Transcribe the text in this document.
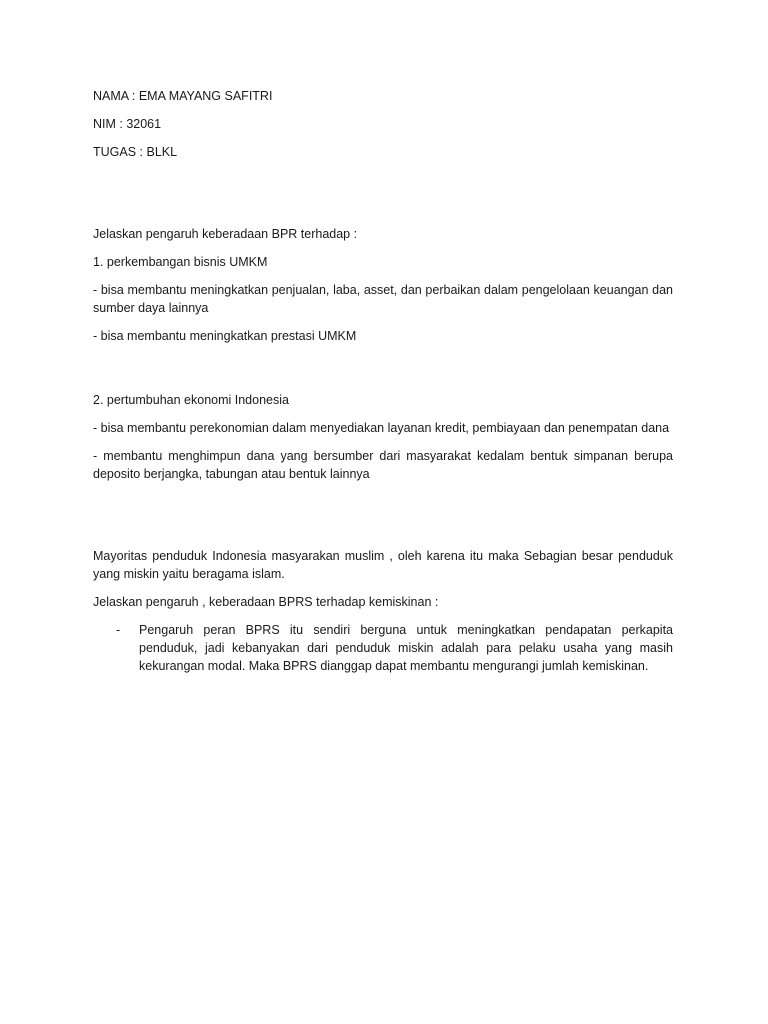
NAMA : EMA MAYANG SAFITRI

NIM : 32061

TUGAS : BLKL

Jelaskan pengaruh keberadaan BPR terhadap :

1. perkembangan bisnis UMKM

- bisa membantu meningkatkan penjualan, laba, asset, dan perbaikan dalam pengelolaan keuangan dan sumber daya lainnya

- bisa membantu meningkatkan prestasi UMKM

2. pertumbuhan ekonomi Indonesia

- bisa membantu perekonomian dalam menyediakan layanan kredit, pembiayaan dan penempatan dana

- membantu menghimpun dana yang bersumber dari masyarakat kedalam bentuk simpanan berupa deposito berjangka, tabungan atau bentuk lainnya

Mayoritas penduduk Indonesia masyarakan muslim , oleh karena itu maka Sebagian besar penduduk yang miskin yaitu beragama islam.

Jelaskan pengaruh , keberadaan BPRS terhadap kemiskinan :

-	Pengaruh peran BPRS itu sendiri berguna untuk meningkatkan pendapatan perkapita penduduk, jadi kebanyakan dari penduduk miskin adalah para pelaku usaha yang masih kekurangan modal. Maka BPRS dianggap dapat membantu mengurangi jumlah kemiskinan.
